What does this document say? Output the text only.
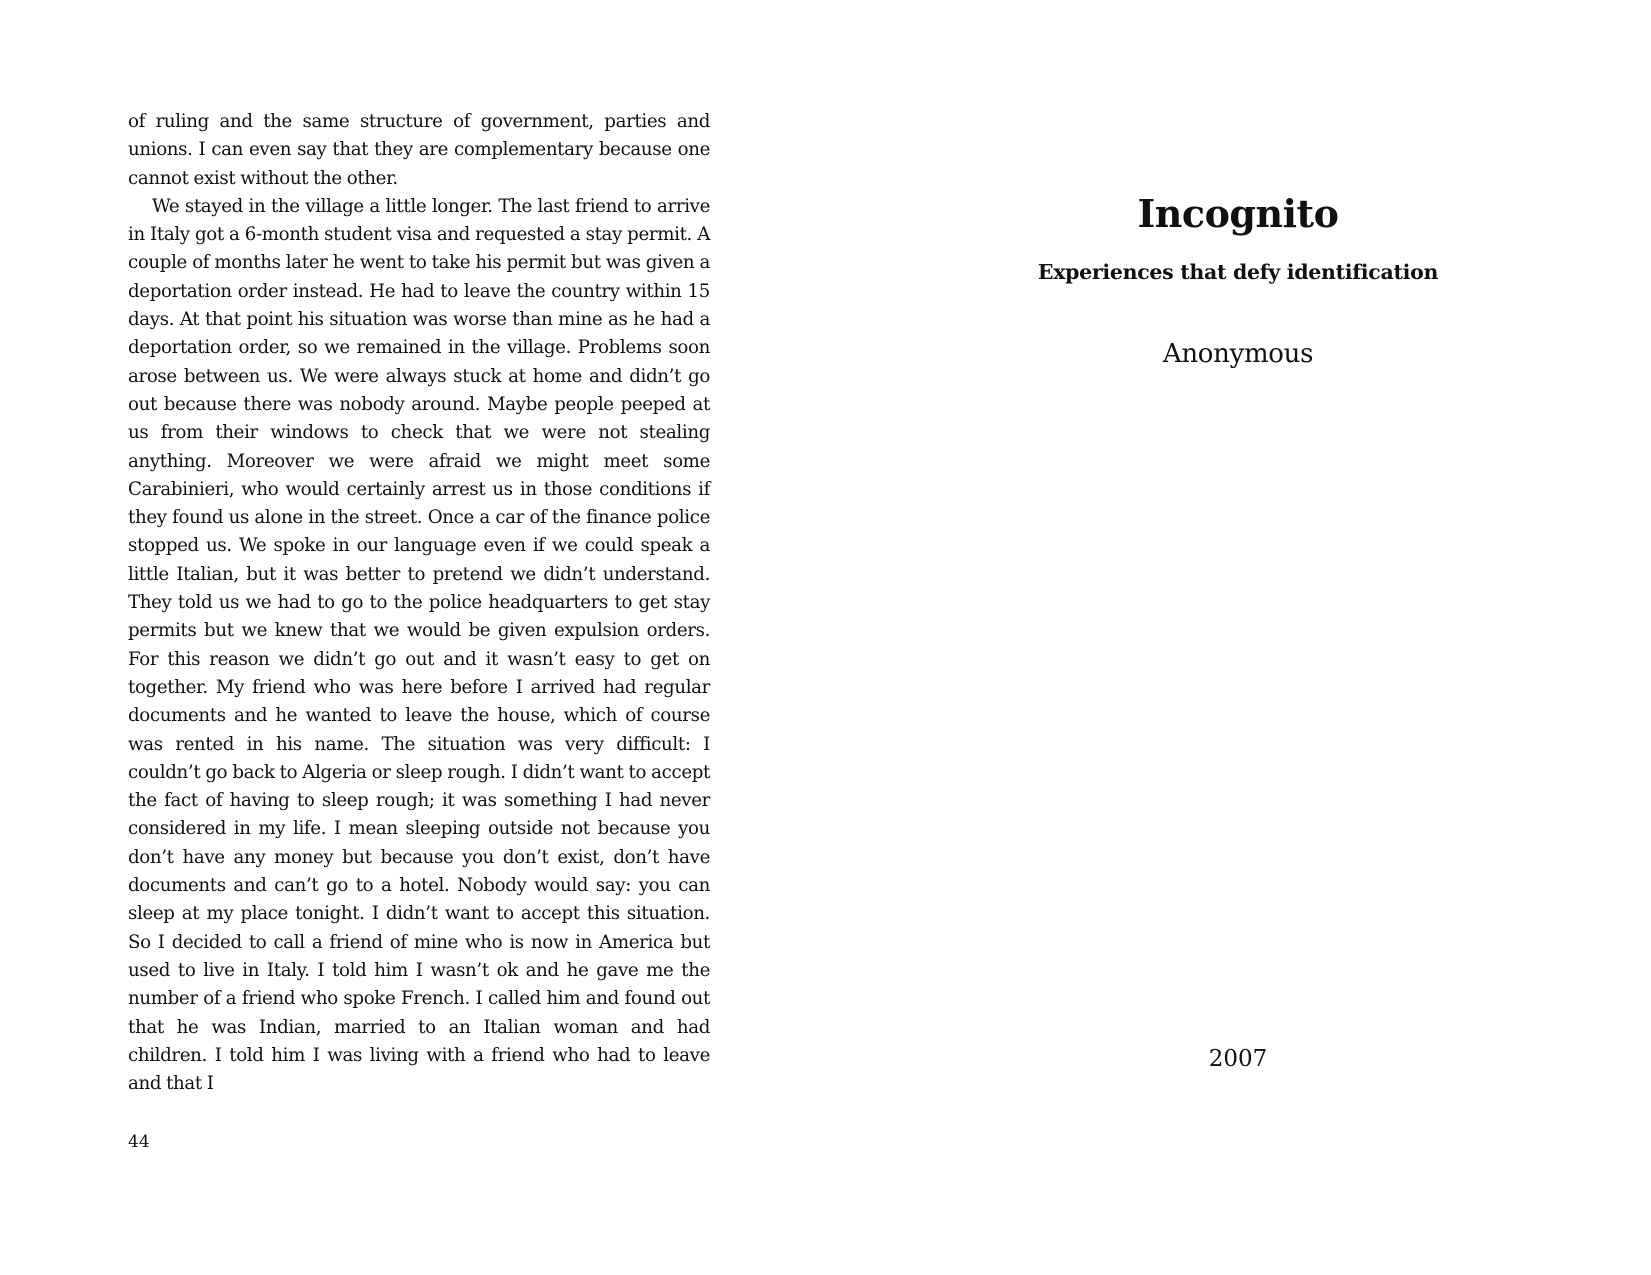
of ruling and the same structure of government, parties and unions. I can even say that they are complementary because one cannot exist without the other.

We stayed in the village a little longer. The last friend to arrive in Italy got a 6-month student visa and requested a stay permit. A couple of months later he went to take his permit but was given a deportation order instead. He had to leave the country within 15 days. At that point his situation was worse than mine as he had a deportation order, so we remained in the village. Problems soon arose between us. We were always stuck at home and didn’t go out because there was nobody around. Maybe people peeped at us from their windows to check that we were not stealing anything. Moreover we were afraid we might meet some Carabinieri, who would certainly arrest us in those conditions if they found us alone in the street. Once a car of the finance police stopped us. We spoke in our language even if we could speak a little Italian, but it was better to pretend we didn’t understand. They told us we had to go to the police headquarters to get stay permits but we knew that we would be given expulsion orders. For this reason we didn’t go out and it wasn’t easy to get on together. My friend who was here before I arrived had regular documents and he wanted to leave the house, which of course was rented in his name. The situation was very difficult: I couldn’t go back to Algeria or sleep rough. I didn’t want to accept the fact of having to sleep rough; it was something I had never considered in my life. I mean sleeping outside not because you don’t have any money but because you don’t exist, don’t have documents and can’t go to a hotel. Nobody would say: you can sleep at my place tonight. I didn’t want to accept this situation. So I decided to call a friend of mine who is now in America but used to live in Italy. I told him I wasn’t ok and he gave me the number of a friend who spoke French. I called him and found out that he was Indian, married to an Italian woman and had children. I told him I was living with a friend who had to leave and that I

44
Incognito
Experiences that defy identification
Anonymous
2007
